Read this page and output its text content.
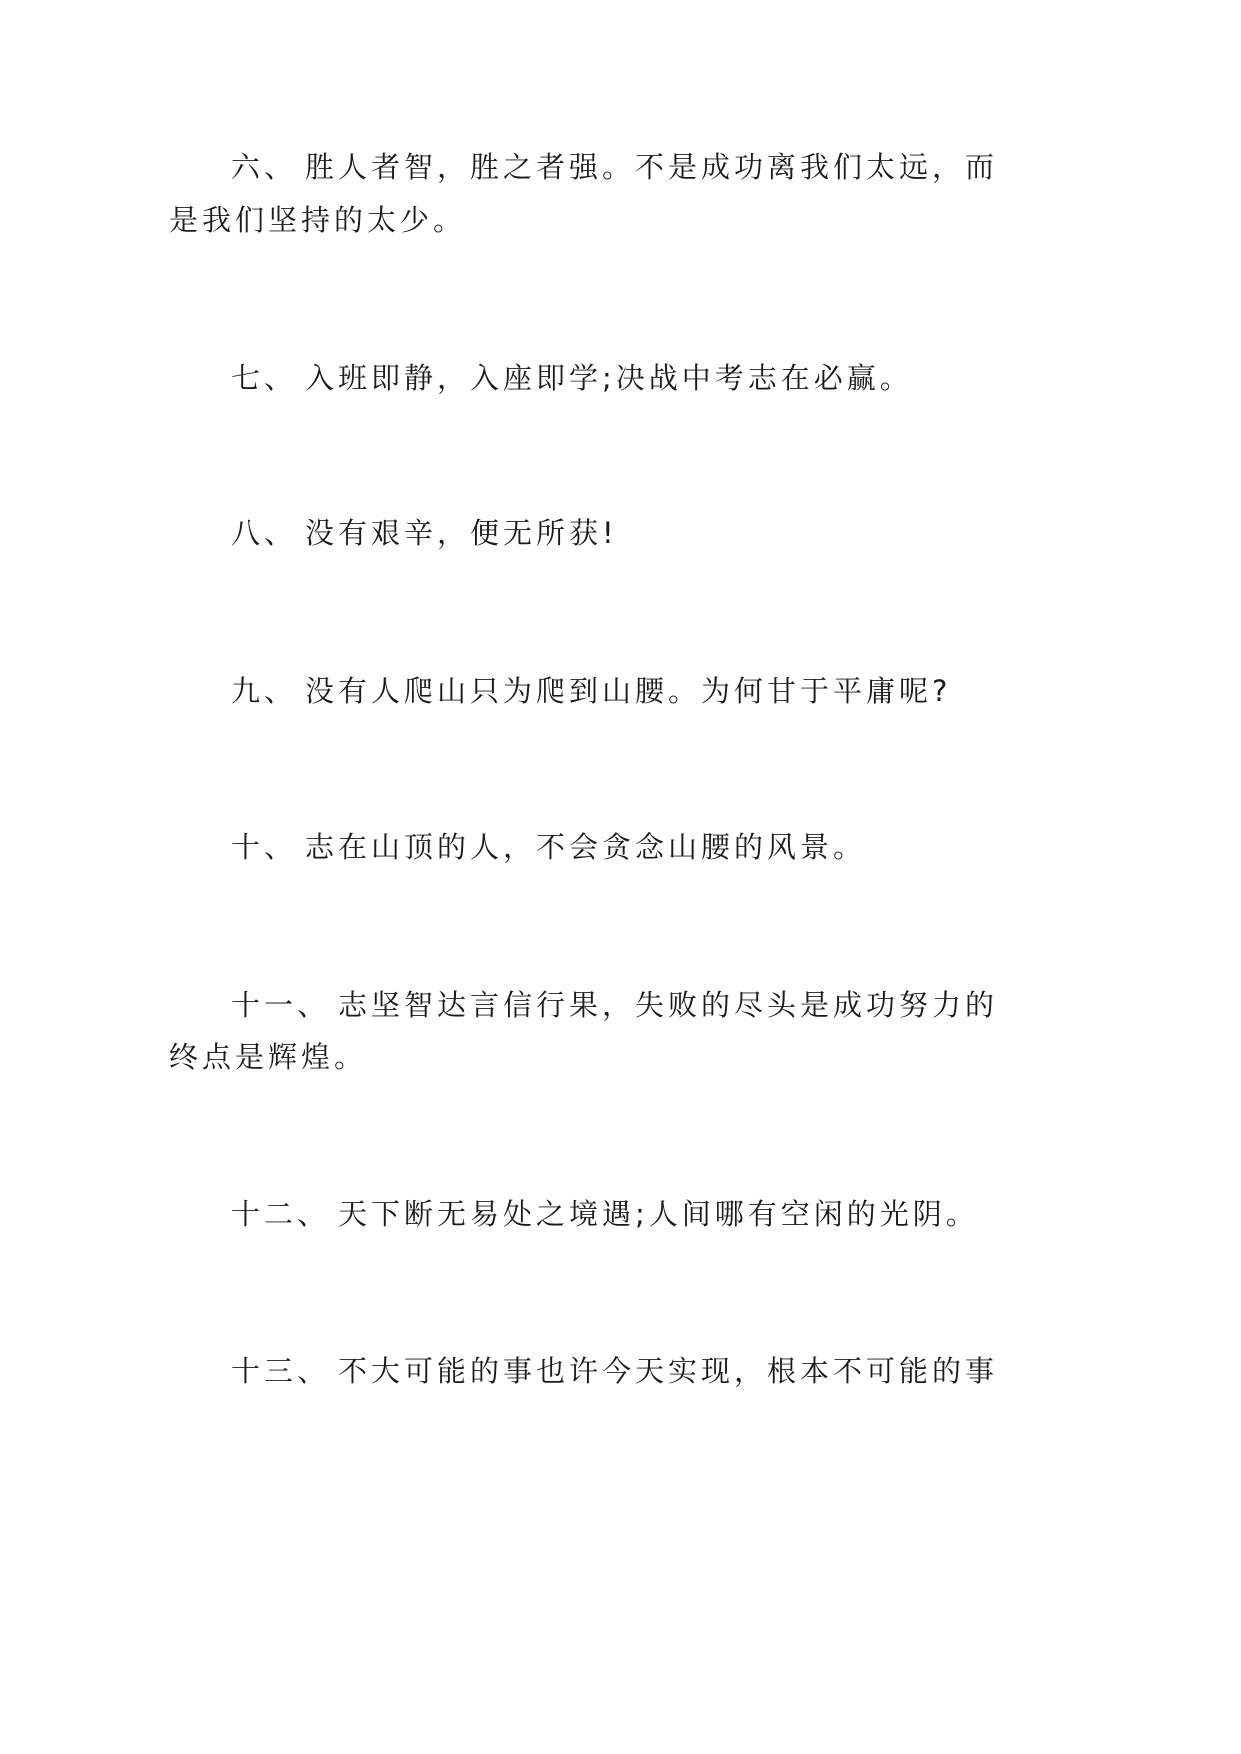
六、 胜人者智，胜之者强。不是成功离我们太远，而
是我们坚持的太少。
七、 入班即静，入座即学;决战中考志在必赢。
八、 没有艰辛，便无所获!
九、 没有人爬山只为爬到山腰。为何甘于平庸呢?
十、 志在山顶的人，不会贪念山腰的风景。
十一、 志坚智达言信行果，失败的尽头是成功努力的
终点是辉煌。
十二、 天下断无易处之境遇;人间哪有空闲的光阴。
十三、 不大可能的事也许今天实现，根本不可能的事
